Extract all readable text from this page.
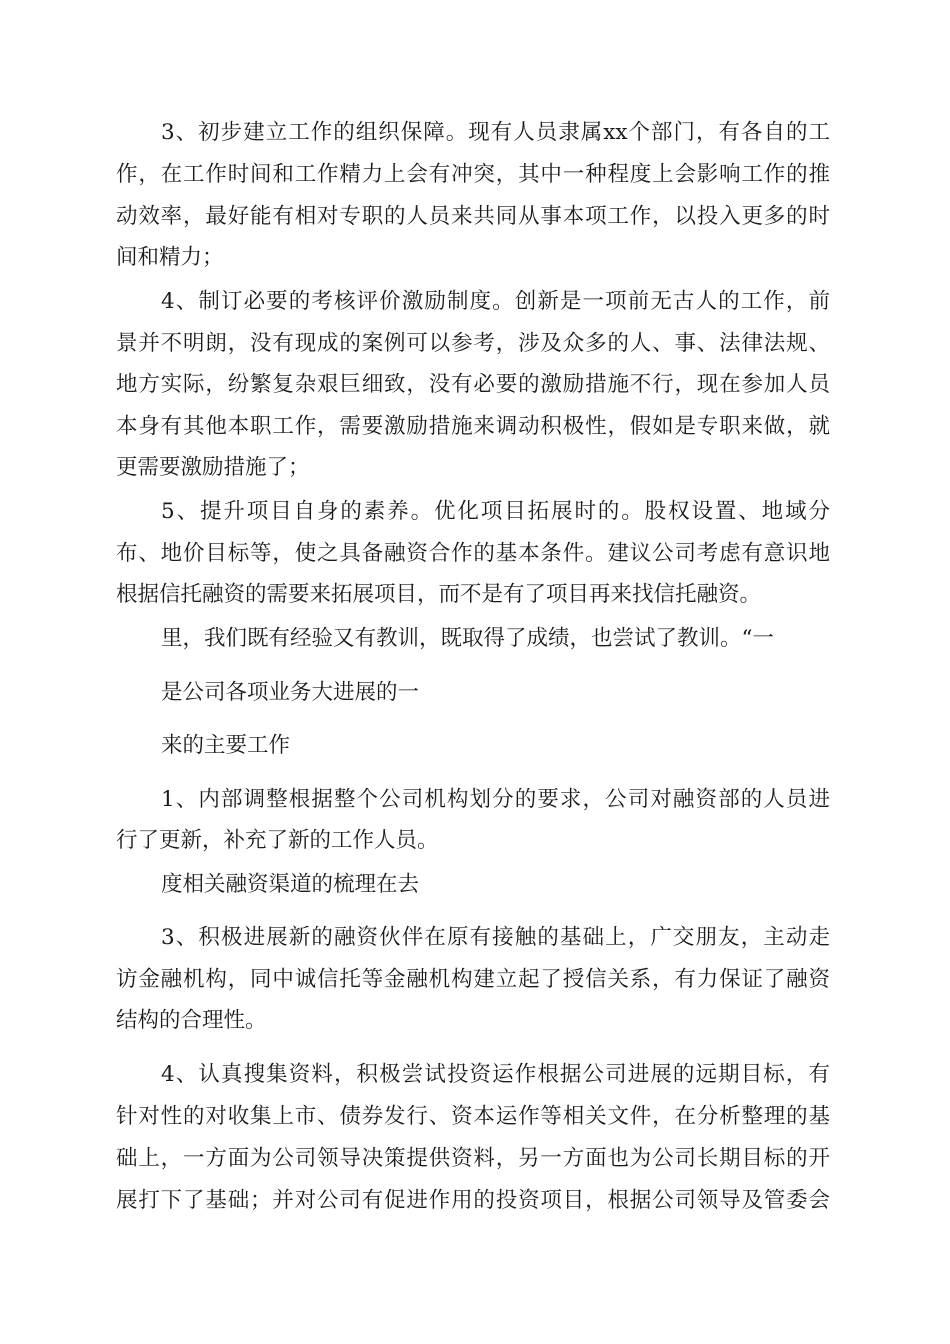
3、初步建立工作的组织保障。现有人员隶属xx个部门，有各自的工

作，在工作时间和工作精力上会有冲突，其中一种程度上会影响工作的推

动效率，最好能有相对专职的人员来共同从事本项工作，以投入更多的时

间和精力；

4、制订必要的考核评价激励制度。创新是一项前无古人的工作，前

景并不明朗，没有现成的案例可以参考，涉及众多的人、事、法律法规、

地方实际，纷繁复杂艰巨细致，没有必要的激励措施不行，现在参加人员

本身有其他本职工作，需要激励措施来调动积极性，假如是专职来做，就

更需要激励措施了；

5、提升项目自身的素养。优化项目拓展时的。股权设置、地域分

布、地价目标等，使之具备融资合作的基本条件。建议公司考虑有意识地

根据信托融资的需要来拓展项目，而不是有了项目再来找信托融资。

里，我们既有经验又有教训，既取得了成绩，也尝试了教训。“一

是公司各项业务大进展的一

来的主要工作

1、内部调整根据整个公司机构划分的要求，公司对融资部的人员进

行了更新，补充了新的工作人员。

度相关融资渠道的梳理在去

3、积极进展新的融资伙伴在原有接触的基础上，广交朋友，主动走

访金融机构，同中诚信托等金融机构建立起了授信关系，有力保证了融资

结构的合理性。

4、认真搜集资料，积极尝试投资运作根据公司进展的远期目标，有

针对性的对收集上市、债券发行、资本运作等相关文件，在分析整理的基

础上，一方面为公司领导决策提供资料，另一方面也为公司长期目标的开

展打下了基础；并对公司有促进作用的投资项目，根据公司领导及管委会
